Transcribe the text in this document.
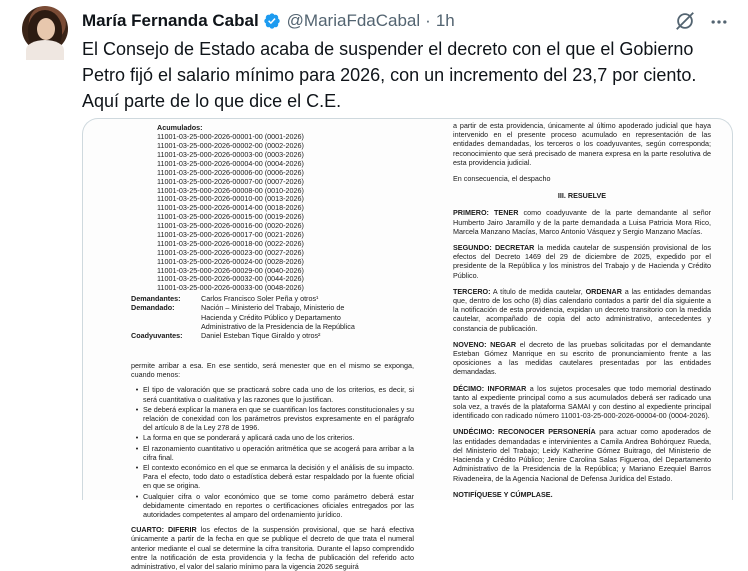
María Fernanda Cabal @MariaFdaCabal · 1h
El Consejo de Estado acaba de suspender el decreto con el que el Gobierno Petro fijó el salario mínimo para 2026, con un incremento del 23,7 por ciento. Aquí parte de lo que dice el C.E.
Acumulados:
11001-03-25-000-2026-00001-00 (0001-2026)
11001-03-25-000-2026-00002-00 (0002-2026)
11001-03-25-000-2026-00003-00 (0003-2026)
11001-03-25-000-2026-00004-00 (0004-2026)
11001-03-25-000-2026-00006-00 (0006-2026)
11001-03-25-000-2026-00007-00 (0007-2026)
11001-03-25-000-2026-00008-00 (0010-2026)
11001-03-25-000-2026-00010-00 (0013-2026)
11001-03-25-000-2026-00014-00 (0018-2026)
11001-03-25-000-2026-00015-00 (0019-2026)
11001-03-25-000-2026-00016-00 (0020-2026)
11001-03-25-000-2026-00017-00 (0021-2026)
11001-03-25-000-2026-00018-00 (0022-2026)
11001-03-25-000-2026-00023-00 (0027-2026)
11001-03-25-000-2026-00024-00 (0028-2026)
11001-03-25-000-2026-00029-00 (0040-2026)
11001-03-25-000-2026-00032-00 (0044-2026)
11001-03-25-000-2026-00033-00 (0048-2026)
Demandantes:	Carlos Francisco Soler Peña y otros¹
Demandado:	Nación – Ministerio del Trabajo, Ministerio de Hacienda y Crédito Público y Departamento Administrativo de la Presidencia de la República
Coadyuvantes:	Daniel Esteban Tique Giraldo y otros²
permite arribar a esa. En ese sentido, será menester que en el mismo se exponga, cuando menos:
• El tipo de valoración que se practicará sobre cada uno de los criterios, es decir, si será cuantitativa o cualitativa y las razones que lo justifican.
• Se deberá explicar la manera en que se cuantifican los factores constitucionales y su relación de conexidad con los parámetros previstos expresamente en el parágrafo del artículo 8 de la Ley 278 de 1996.
• La forma en que se ponderará y aplicará cada uno de los criterios.
• El razonamiento cuantitativo u operación aritmética que se acogerá para arribar a la cifra final.
• El contexto económico en el que se enmarca la decisión y el análisis de su impacto. Para el efecto, todo dato o estadística deberá estar respaldado por la fuente oficial en que se origina.
• Cualquier cifra o valor económico que se tome como parámetro deberá estar debidamente cimentado en reportes o certificaciones oficiales entregados por las autoridades competentes al amparo del ordenamiento jurídico.
CUARTO: DIFERIR los efectos de la suspensión provisional, que se hará efectiva únicamente a partir de la fecha en que se publique el decreto de que trata el numeral anterior mediante el cual se determine la cifra transitoria. Durante el lapso comprendido entre la notificación de esta providencia y la fecha de publicación del referido acto administrativo, el valor del salario mínimo para la vigencia 2026 seguirá

a partir de esta providencia, únicamente al último apoderado judicial que haya intervenido en el presente proceso acumulado en representación de las entidades demandadas, los terceros o los coadyuvantes, según corresponda; reconocimiento que será precisado de manera expresa en la parte resolutiva de esta providencia judicial.

En consecuencia, el despacho

III. RESUELVE

PRIMERO: TENER como coadyuvante de la parte demandante al señor Humberto Jairo Jaramillo y de la parte demandada a Luisa Patricia Mora Rico, Marcela Manzano Macías, Marco Antonio Vásquez y Sergio Manzano Macías.

SEGUNDO: DECRETAR la medida cautelar de suspensión provisional de los efectos del Decreto 1469 del 29 de diciembre de 2025, expedido por el presidente de la República y los ministros del Trabajo y de Hacienda y Crédito Público.

TERCERO: A título de medida cautelar, ORDENAR a las entidades demandas que, dentro de los ocho (8) días calendario contados a partir del día siguiente a la notificación de esta providencia, expidan un decreto transitorio con la medida cautelar, acompañado de copia del acto administrativo, antecedentes y constancia de publicación.

NOVENO: NEGAR el decreto de las pruebas solicitadas por el demandante Esteban Gómez Manrique en su escrito de pronunciamiento frente a las oposiciones a las medidas cautelares presentadas por las entidades demandadas.

DÉCIMO: INFORMAR a los sujetos procesales que todo memorial destinado tanto al expediente principal como a sus acumulados deberá ser radicado una sola vez, a través de la plataforma SAMAI y con destino al expediente principal identificado con radicado número 11001-03-25-000-2026-00004-00 (0004-2026).

UNDÉCIMO: RECONOCER PERSONERÍA para actuar como apoderados de las entidades demandadas e intervinientes a Camila Andrea Bohórquez Rueda, del Ministerio del Trabajo; Leidy Katherine Gómez Buitrago, del Ministerio de Hacienda y Crédito Público; Jenire Carolina Salas Figueroa, del Departamento Administrativo de la Presidencia de la República; y Mariano Ezequiel Barros Rivadeneira, de la Agencia Nacional de Defensa Jurídica del Estado.

NOTIFÍQUESE Y CÚMPLASE.
